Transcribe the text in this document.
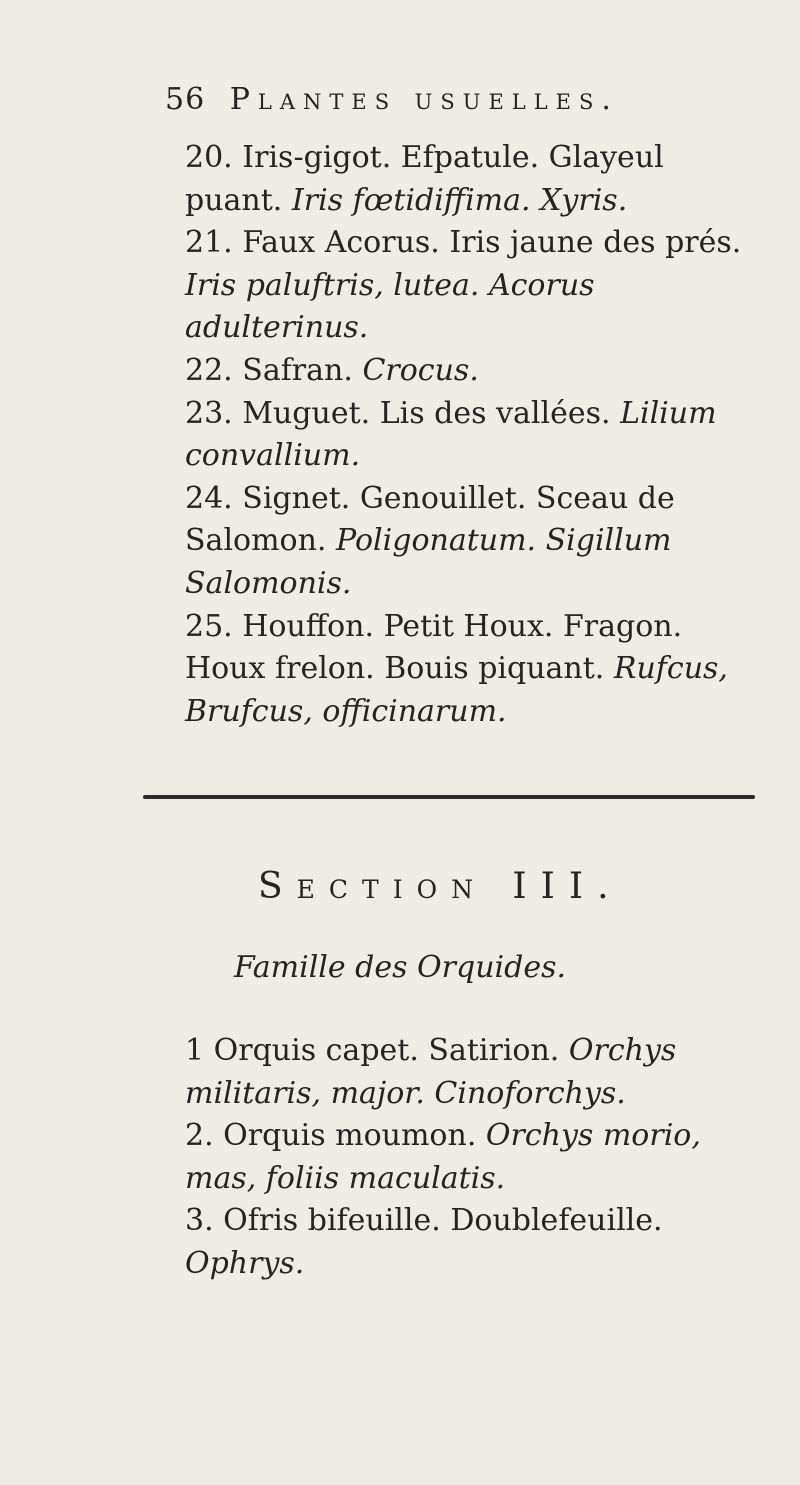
56 Plantes usuelles.

20. Iris-gigot. Efpatule. Glayeul puant. Iris fœtidiffima. Xyris.

21. Faux Acorus. Iris jaune des prés. Iris paluftris, lutea. Acorus adulterinus.

22. Safran. Crocus.

23. Muguet. Lis des vallées. Lilium convallium.

24. Signet. Genouillet. Sceau de Salomon. Poligonatum. Sigillum Salomonis.

25. Houffon. Petit Houx. Fragon. Houx frelon. Bouis piquant. Rufcus, Brufcus, officinarum.

Section III.
Famille des Orquides.

1 Orquis capet. Satirion. Orchys militaris, major. Cinoforchys.

2. Orquis moumon. Orchys morio, mas, foliis maculatis.

3. Ofris bifeuille. Doublefeuille. Ophrys.
